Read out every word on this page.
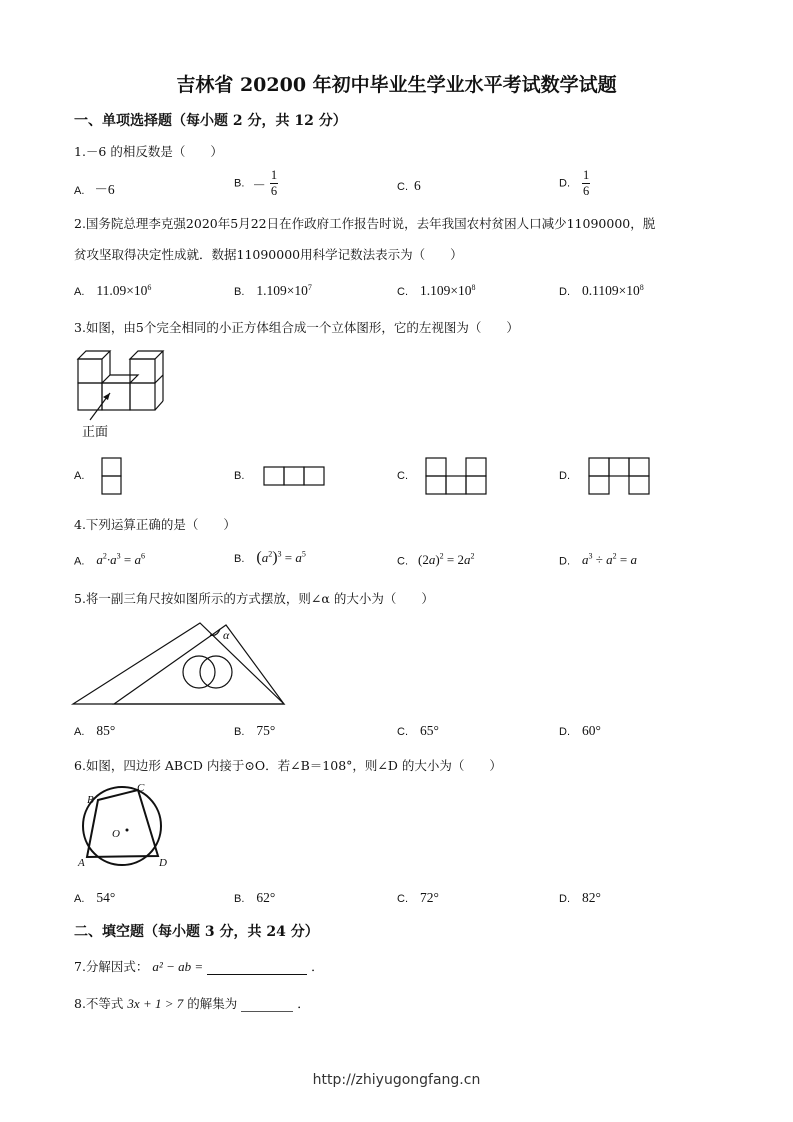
吉林省 20200 年初中毕业生学业水平考试数学试题
一、单项选择题（每小题 2 分，共 12 分）
1.－6 的相反数是（　　）
A. －6	B. － $\frac{1}{6}$	C. 6	D. $\frac{1}{6}$
2.国务院总理李克强2020年5月22日在作政府工作报告时说，去年我国农村贫困人口减少11090000，脱
贫攻坚取得决定性成就．数据11090000用科学记数法表示为（　　）
A. $11.09\times 10^6$	B. $1.109\times 10^7$	C. $1.109\times 10^8$	D. $0.1109\times 10^8$
3.如图，由5个完全相同的小正方体组合成一个立体图形，它的左视图为（　　）
正面
A.	B.	C.	D.
4.下列运算正确的是（　　）
A. $a^2\cdot a^3 = a^6$	B. $(a^2)^3 = a^5$
C. $(2a)^2 = 2a^2$	D. $a^3 \div a^2 = a$
5.将一副三角尺按如图所示的方式摆放，则∠α 的大小为（　　）
α
A. 85°	B. 75°	C. 65°	D. 60°
6.如图，四边形 ABCD 内接于⊙O．若∠B＝108°，则∠D 的大小为（　　）
B
C
A	D
O
A. 54°	B. 62°	C. 72°	D. 82°
二、填空题（每小题 3 分，共 24 分）
7.分解因式： a² − ab =	．
8.不等式 3x + 1 > 7 的解集为	．
http://zhiyugongfang.cn
